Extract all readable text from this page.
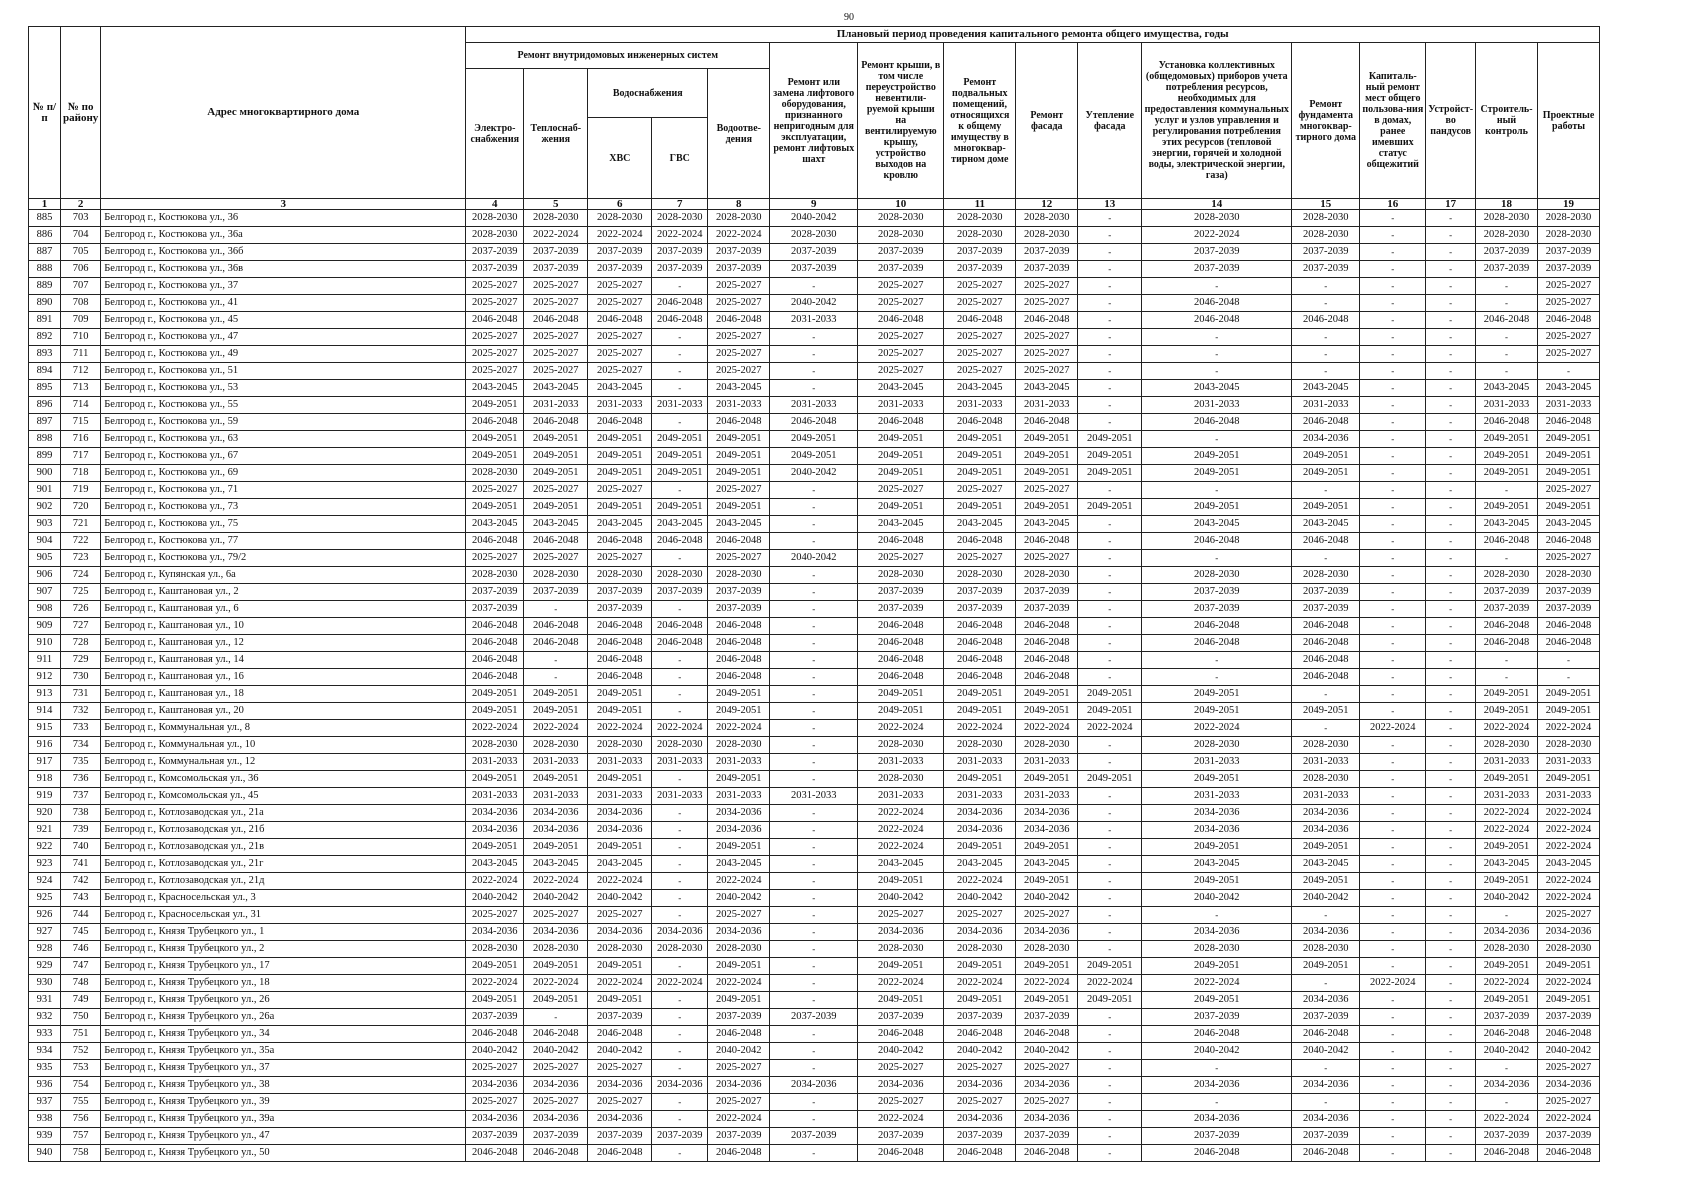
90
№ п/п	№ по району	Адрес многоквартирного дома	Плановый период проведения капитального ремонта общего имущества, годы															
			Ремонт внутридомовых инженерных систем					Ремонт или замена лифтового оборудования, признанного непригодным для эксплуатации, ремонт лифтовых шахт	Ремонт крыши, в том числе переустройство невентили-руемой крыши на вентилируемую крышу, устройство выходов на кровлю	Ремонт подвальных помещений, относящихся к общему имуществу в многоквар-тирном доме	Ремонт фасада	Утепление фасада	Установка коллективных (общедомовых) приборов учета потребления ресурсов, необходимых для предоставления коммунальных услуг и узлов управления и регулирования потребления этих ресурсов (тепловой энергии, горячей и холодной воды, электрической энергии, газа)	Ремонт фундамента многоквар-тирного дома	Капиталь-ный ремонт мест общего пользова-ния в домах, ранее имевших статус общежитий	Устройст-во пандусов	Строитель-ный контроль	Проектные работы
			Электро-снабжения	Теплоснаб-жения	Водоснабжения		Водоотве-дения											
					ХВС	ГВС												
1	2	3	4	5	6	7	8	9	10	11	12	13	14	15	16	17	18	19
885	703	Белгород г., Костюкова ул., 36	2028-2030	2028-2030	2028-2030	2028-2030	2028-2030	2040-2042	2028-2030	2028-2030	2028-2030	-	2028-2030	2028-2030	-	-	2028-2030	2028-2030
886	704	Белгород г., Костюкова ул., 36а	2028-2030	2022-2024	2022-2024	2022-2024	2022-2024	2028-2030	2028-2030	2028-2030	2028-2030	-	2022-2024	2028-2030	-	-	2028-2030	2028-2030
887	705	Белгород г., Костюкова ул., 36б	2037-2039	2037-2039	2037-2039	2037-2039	2037-2039	2037-2039	2037-2039	2037-2039	2037-2039	-	2037-2039	2037-2039	-	-	2037-2039	2037-2039
888	706	Белгород г., Костюкова ул., 36в	2037-2039	2037-2039	2037-2039	2037-2039	2037-2039	2037-2039	2037-2039	2037-2039	2037-2039	-	2037-2039	2037-2039	-	-	2037-2039	2037-2039
889	707	Белгород г., Костюкова ул., 37	2025-2027	2025-2027	2025-2027	-	2025-2027	-	2025-2027	2025-2027	2025-2027	-	-	-	-	-	-	2025-2027
890	708	Белгород г., Костюкова ул., 41	2025-2027	2025-2027	2025-2027	2046-2048	2025-2027	2040-2042	2025-2027	2025-2027	2025-2027	-	2046-2048	-	-	-	-	2025-2027
891	709	Белгород г., Костюкова ул., 45	2046-2048	2046-2048	2046-2048	2046-2048	2046-2048	2031-2033	2046-2048	2046-2048	2046-2048	-	2046-2048	2046-2048	-	-	2046-2048	2046-2048
892	710	Белгород г., Костюкова ул., 47	2025-2027	2025-2027	2025-2027	-	2025-2027	-	2025-2027	2025-2027	2025-2027	-	-	-	-	-	-	2025-2027
893	711	Белгород г., Костюкова ул., 49	2025-2027	2025-2027	2025-2027	-	2025-2027	-	2025-2027	2025-2027	2025-2027	-	-	-	-	-	-	2025-2027
894	712	Белгород г., Костюкова ул., 51	2025-2027	2025-2027	2025-2027	-	2025-2027	-	2025-2027	2025-2027	2025-2027	-	-	-	-	-	-	-
895	713	Белгород г., Костюкова ул., 53	2043-2045	2043-2045	2043-2045	-	2043-2045	-	2043-2045	2043-2045	2043-2045	-	2043-2045	2043-2045	-	-	2043-2045	2043-2045
896	714	Белгород г., Костюкова ул., 55	2049-2051	2031-2033	2031-2033	2031-2033	2031-2033	2031-2033	2031-2033	2031-2033	2031-2033	-	2031-2033	2031-2033	-	-	2031-2033	2031-2033
897	715	Белгород г., Костюкова ул., 59	2046-2048	2046-2048	2046-2048	-	2046-2048	2046-2048	2046-2048	2046-2048	2046-2048	-	2046-2048	2046-2048	-	-	2046-2048	2046-2048
898	716	Белгород г., Костюкова ул., 63	2049-2051	2049-2051	2049-2051	2049-2051	2049-2051	2049-2051	2049-2051	2049-2051	2049-2051	2049-2051	-	2034-2036	-	-	2049-2051	2049-2051
899	717	Белгород г., Костюкова ул., 67	2049-2051	2049-2051	2049-2051	2049-2051	2049-2051	2049-2051	2049-2051	2049-2051	2049-2051	2049-2051	2049-2051	2049-2051	-	-	2049-2051	2049-2051
900	718	Белгород г., Костюкова ул., 69	2028-2030	2049-2051	2049-2051	2049-2051	2049-2051	2040-2042	2049-2051	2049-2051	2049-2051	2049-2051	2049-2051	2049-2051	-	-	2049-2051	2049-2051
901	719	Белгород г., Костюкова ул., 71	2025-2027	2025-2027	2025-2027	-	2025-2027	-	2025-2027	2025-2027	2025-2027	-	-	-	-	-	-	2025-2027
902	720	Белгород г., Костюкова ул., 73	2049-2051	2049-2051	2049-2051	2049-2051	2049-2051	-	2049-2051	2049-2051	2049-2051	2049-2051	2049-2051	2049-2051	-	-	2049-2051	2049-2051
903	721	Белгород г., Костюкова ул., 75	2043-2045	2043-2045	2043-2045	2043-2045	2043-2045	-	2043-2045	2043-2045	2043-2045	-	2043-2045	2043-2045	-	-	2043-2045	2043-2045
904	722	Белгород г., Костюкова ул., 77	2046-2048	2046-2048	2046-2048	2046-2048	2046-2048	-	2046-2048	2046-2048	2046-2048	-	2046-2048	2046-2048	-	-	2046-2048	2046-2048
905	723	Белгород г., Костюкова ул., 79/2	2025-2027	2025-2027	2025-2027	-	2025-2027	2040-2042	2025-2027	2025-2027	2025-2027	-	-	-	-	-	-	2025-2027
906	724	Белгород г., Купянская ул., 6а	2028-2030	2028-2030	2028-2030	2028-2030	2028-2030	-	2028-2030	2028-2030	2028-2030	-	2028-2030	2028-2030	-	-	2028-2030	2028-2030
907	725	Белгород г., Каштановая ул., 2	2037-2039	2037-2039	2037-2039	2037-2039	2037-2039	-	2037-2039	2037-2039	2037-2039	-	2037-2039	2037-2039	-	-	2037-2039	2037-2039
908	726	Белгород г., Каштановая ул., 6	2037-2039	-	2037-2039	-	2037-2039	-	2037-2039	2037-2039	2037-2039	-	2037-2039	2037-2039	-	-	2037-2039	2037-2039
909	727	Белгород г., Каштановая ул., 10	2046-2048	2046-2048	2046-2048	2046-2048	2046-2048	-	2046-2048	2046-2048	2046-2048	-	2046-2048	2046-2048	-	-	2046-2048	2046-2048
910	728	Белгород г., Каштановая ул., 12	2046-2048	2046-2048	2046-2048	2046-2048	2046-2048	-	2046-2048	2046-2048	2046-2048	-	2046-2048	2046-2048	-	-	2046-2048	2046-2048
911	729	Белгород г., Каштановая ул., 14	2046-2048	-	2046-2048	-	2046-2048	-	2046-2048	2046-2048	2046-2048	-	-	2046-2048	-	-	-	-
912	730	Белгород г., Каштановая ул., 16	2046-2048	-	2046-2048	-	2046-2048	-	2046-2048	2046-2048	2046-2048	-	-	2046-2048	-	-	-	-
913	731	Белгород г., Каштановая ул., 18	2049-2051	2049-2051	2049-2051	-	2049-2051	-	2049-2051	2049-2051	2049-2051	2049-2051	2049-2051	-	-	-	2049-2051	2049-2051
914	732	Белгород г., Каштановая ул., 20	2049-2051	2049-2051	2049-2051	-	2049-2051	-	2049-2051	2049-2051	2049-2051	2049-2051	2049-2051	2049-2051	-	-	2049-2051	2049-2051
915	733	Белгород г., Коммунальная ул., 8	2022-2024	2022-2024	2022-2024	2022-2024	2022-2024	-	2022-2024	2022-2024	2022-2024	2022-2024	2022-2024	-	2022-2024	-	2022-2024	2022-2024
916	734	Белгород г., Коммунальная ул., 10	2028-2030	2028-2030	2028-2030	2028-2030	2028-2030	-	2028-2030	2028-2030	2028-2030	-	2028-2030	2028-2030	-	-	2028-2030	2028-2030
917	735	Белгород г., Коммунальная ул., 12	2031-2033	2031-2033	2031-2033	2031-2033	2031-2033	-	2031-2033	2031-2033	2031-2033	-	2031-2033	2031-2033	-	-	2031-2033	2031-2033
918	736	Белгород г., Комсомольская ул., 36	2049-2051	2049-2051	2049-2051	-	2049-2051	-	2028-2030	2049-2051	2049-2051	2049-2051	2049-2051	2028-2030	-	-	2049-2051	2049-2051
919	737	Белгород г., Комсомольская ул., 45	2031-2033	2031-2033	2031-2033	2031-2033	2031-2033	2031-2033	2031-2033	2031-2033	2031-2033	-	2031-2033	2031-2033	-	-	2031-2033	2031-2033
920	738	Белгород г., Котлозаводская ул., 21а	2034-2036	2034-2036	2034-2036	-	2034-2036	-	2022-2024	2034-2036	2034-2036	-	2034-2036	2034-2036	-	-	2022-2024	2022-2024
921	739	Белгород г., Котлозаводская ул., 21б	2034-2036	2034-2036	2034-2036	-	2034-2036	-	2022-2024	2034-2036	2034-2036	-	2034-2036	2034-2036	-	-	2022-2024	2022-2024
922	740	Белгород г., Котлозаводская ул., 21в	2049-2051	2049-2051	2049-2051	-	2049-2051	-	2022-2024	2049-2051	2049-2051	-	2049-2051	2049-2051	-	-	2049-2051	2022-2024
923	741	Белгород г., Котлозаводская ул., 21г	2043-2045	2043-2045	2043-2045	-	2043-2045	-	2043-2045	2043-2045	2043-2045	-	2043-2045	2043-2045	-	-	2043-2045	2043-2045
924	742	Белгород г., Котлозаводская ул., 21д	2022-2024	2022-2024	2022-2024	-	2022-2024	-	2049-2051	2022-2024	2049-2051	-	2049-2051	2049-2051	-	-	2049-2051	2022-2024
925	743	Белгород г., Красносельская ул., 3	2040-2042	2040-2042	2040-2042	-	2040-2042	-	2040-2042	2040-2042	2040-2042	-	2040-2042	2040-2042	-	-	2040-2042	2022-2024
926	744	Белгород г., Красносельская ул., 31	2025-2027	2025-2027	2025-2027	-	2025-2027	-	2025-2027	2025-2027	2025-2027	-	-	-	-	-	-	2025-2027
927	745	Белгород г., Князя Трубецкого ул., 1	2034-2036	2034-2036	2034-2036	2034-2036	2034-2036	-	2034-2036	2034-2036	2034-2036	-	2034-2036	2034-2036	-	-	2034-2036	2034-2036
928	746	Белгород г., Князя Трубецкого ул., 2	2028-2030	2028-2030	2028-2030	2028-2030	2028-2030	-	2028-2030	2028-2030	2028-2030	-	2028-2030	2028-2030	-	-	2028-2030	2028-2030
929	747	Белгород г., Князя Трубецкого ул., 17	2049-2051	2049-2051	2049-2051	-	2049-2051	-	2049-2051	2049-2051	2049-2051	2049-2051	2049-2051	2049-2051	-	-	2049-2051	2049-2051
930	748	Белгород г., Князя Трубецкого ул., 18	2022-2024	2022-2024	2022-2024	2022-2024	2022-2024	-	2022-2024	2022-2024	2022-2024	2022-2024	2022-2024	-	2022-2024	-	2022-2024	2022-2024
931	749	Белгород г., Князя Трубецкого ул., 26	2049-2051	2049-2051	2049-2051	-	2049-2051	-	2049-2051	2049-2051	2049-2051	2049-2051	2049-2051	2034-2036	-	-	2049-2051	2049-2051
932	750	Белгород г., Князя Трубецкого ул., 26а	2037-2039	-	2037-2039	-	2037-2039	2037-2039	2037-2039	2037-2039	2037-2039	-	2037-2039	2037-2039	-	-	2037-2039	2037-2039
933	751	Белгород г., Князя Трубецкого ул., 34	2046-2048	2046-2048	2046-2048	-	2046-2048	-	2046-2048	2046-2048	2046-2048	-	2046-2048	2046-2048	-	-	2046-2048	2046-2048
934	752	Белгород г., Князя Трубецкого ул., 35а	2040-2042	2040-2042	2040-2042	-	2040-2042	-	2040-2042	2040-2042	2040-2042	-	2040-2042	2040-2042	-	-	2040-2042	2040-2042
935	753	Белгород г., Князя Трубецкого ул., 37	2025-2027	2025-2027	2025-2027	-	2025-2027	-	2025-2027	2025-2027	2025-2027	-	-	-	-	-	-	2025-2027
936	754	Белгород г., Князя Трубецкого ул., 38	2034-2036	2034-2036	2034-2036	2034-2036	2034-2036	2034-2036	2034-2036	2034-2036	2034-2036	-	2034-2036	2034-2036	-	-	2034-2036	2034-2036
937	755	Белгород г., Князя Трубецкого ул., 39	2025-2027	2025-2027	2025-2027	-	2025-2027	-	2025-2027	2025-2027	2025-2027	-	-	-	-	-	-	2025-2027
938	756	Белгород г., Князя Трубецкого ул., 39а	2034-2036	2034-2036	2034-2036	-	2022-2024	-	2022-2024	2034-2036	2034-2036	-	2034-2036	2034-2036	-	-	2022-2024	2022-2024
939	757	Белгород г., Князя Трубецкого ул., 47	2037-2039	2037-2039	2037-2039	2037-2039	2037-2039	2037-2039	2037-2039	2037-2039	2037-2039	-	2037-2039	2037-2039	-	-	2037-2039	2037-2039
940	758	Белгород г., Князя Трубецкого ул., 50	2046-2048	2046-2048	2046-2048	-	2046-2048	-	2046-2048	2046-2048	2046-2048	-	2046-2048	2046-2048	-	-	2046-2048	2046-2048
